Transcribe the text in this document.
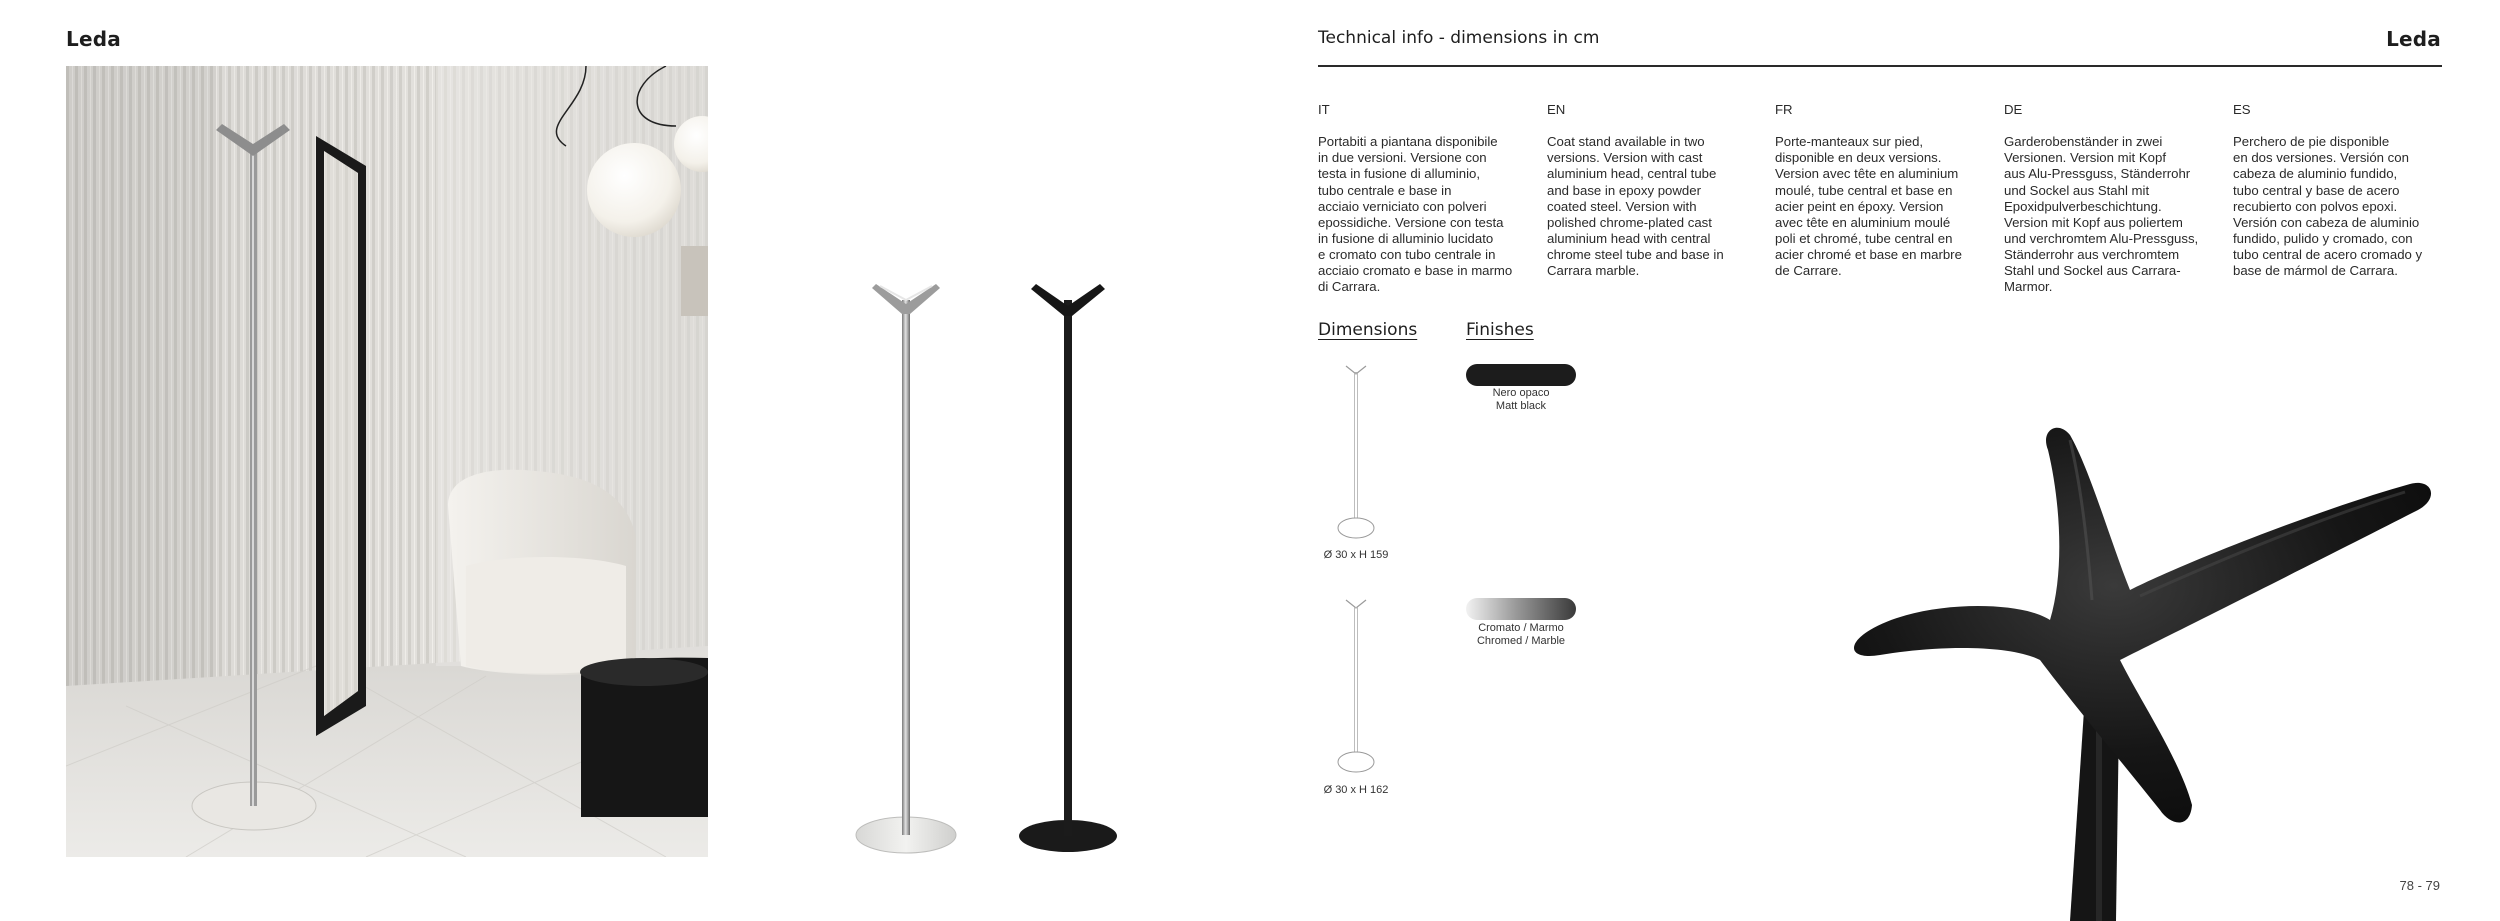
Leda	Technical info - dimensions in cm	Leda

IT

Portabiti a piantana disponibile
in due versioni. Versione con
testa in fusione di alluminio,
tubo centrale e base in
acciaio verniciato con polveri
epossidiche. Versione con testa
in fusione di alluminio lucidato
e cromato con tubo centrale in
acciaio cromato e base in marmo
di Carrara.

EN

Coat stand available in two
versions. Version with cast
aluminium head, central tube
and base in epoxy powder
coated steel. Version with
polished chrome-plated cast
aluminium head with central
chrome steel tube and base in
Carrara marble.

FR

Porte-manteaux sur pied,
disponible en deux versions.
Version avec tête en aluminium
moulé, tube central et base en
acier peint en époxy. Version
avec tête en aluminium moulé
poli et chromé, tube central en
acier chromé et base en marbre
de Carrare.

DE

Garderobenständer in zwei
Versionen. Version mit Kopf
aus Alu-Pressguss, Ständerrohr
und Sockel aus Stahl mit
Epoxidpulverbeschichtung.
Version mit Kopf aus poliertem
und verchromtem Alu-Pressguss,
Ständerrohr aus verchromtem
Stahl und Sockel aus Carrara-
Marmor.

ES

Perchero de pie disponible
en dos versiones. Versión con
cabeza de aluminio fundido,
tubo central y base de acero
recubierto con polvos epoxi.
Versión con cabeza de aluminio
fundido, pulido y cromado, con
tubo central de acero cromado y
base de mármol de Carrara.

Dimensions	Finishes
Ø 30 x H 159
Ø 30 x H 162
Nero opaco
Matt black
Cromato / Marmo
Chromed / Marble
78 - 79
